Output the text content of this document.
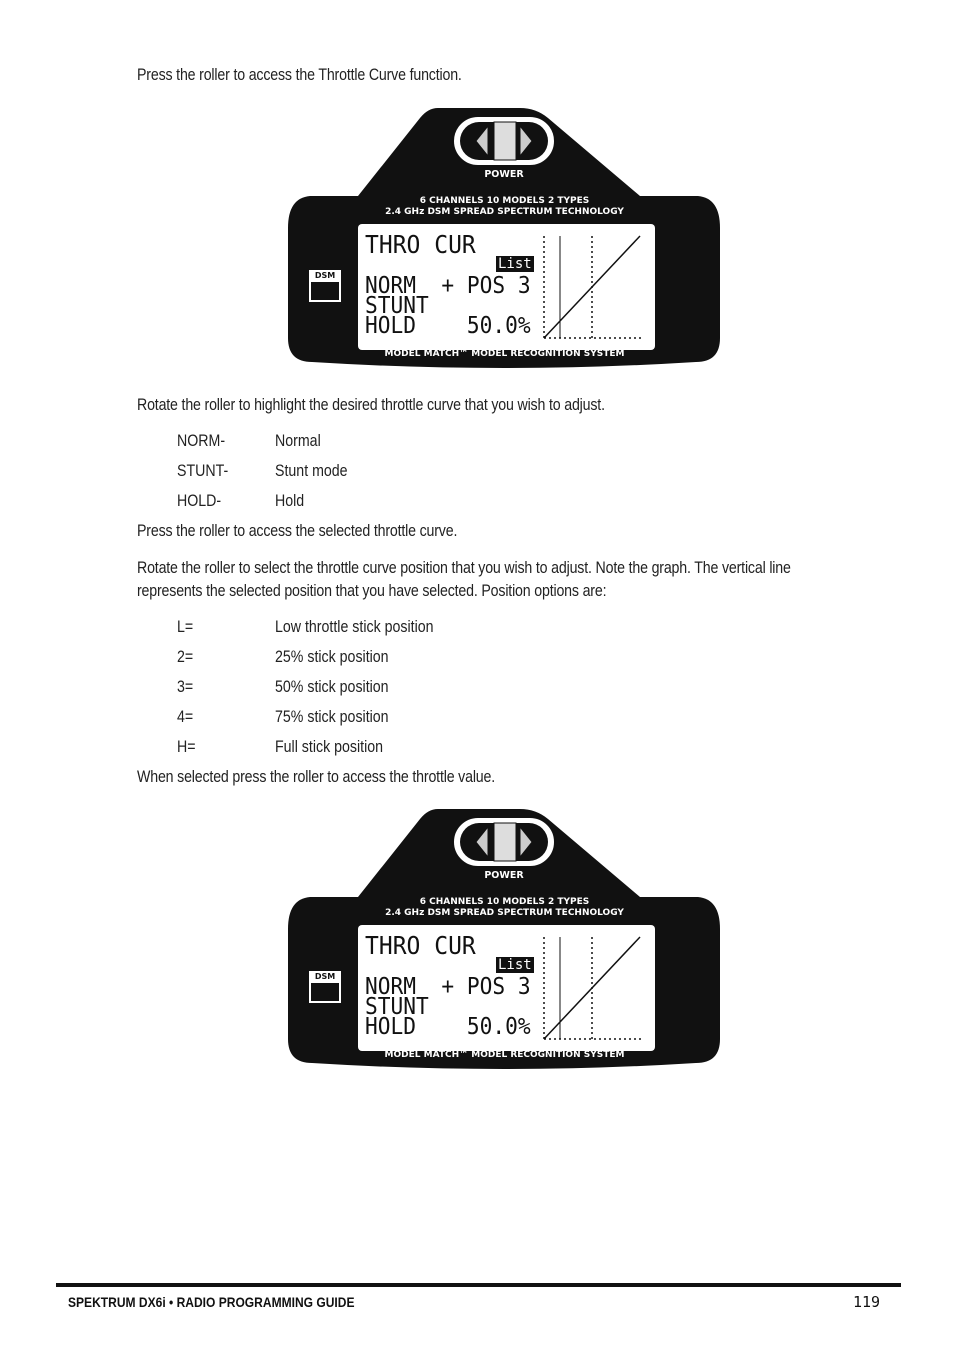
Press the roller to access the Throttle Curve function.
POWER
6 CHANNELS 10 MODELS 2 TYPES
2.4 GHz DSM SPREAD SPECTRUM TECHNOLOGY
MODEL MATCH™ MODEL RECOGNITION SYSTEM
DSM
THRO CUR
List
NORM  + POS 3
STUNT
HOLD    50.0%
Rotate the roller to highlight the desired throttle curve that you wish to adjust.
NORM-	Normal
STUNT-	Stunt mode
HOLD-	Hold
Press the roller to access the selected throttle curve.
Rotate the roller to select the throttle curve position that you wish to adjust. Note the graph. The vertical line represents the selected position that you have selected. Position options are:
L=	Low throttle stick position
2=	25% stick position
3=	50% stick position
4=	75% stick position
H=	Full stick position
When selected press the roller to access the throttle value.
POWER
6 CHANNELS 10 MODELS 2 TYPES
2.4 GHz DSM SPREAD SPECTRUM TECHNOLOGY
MODEL MATCH™ MODEL RECOGNITION SYSTEM
DSM
THRO CUR
List
NORM  + POS 3
STUNT
HOLD    50.0%
SPEKTRUM DX6i • RADIO PROGRAMMING GUIDE	119
